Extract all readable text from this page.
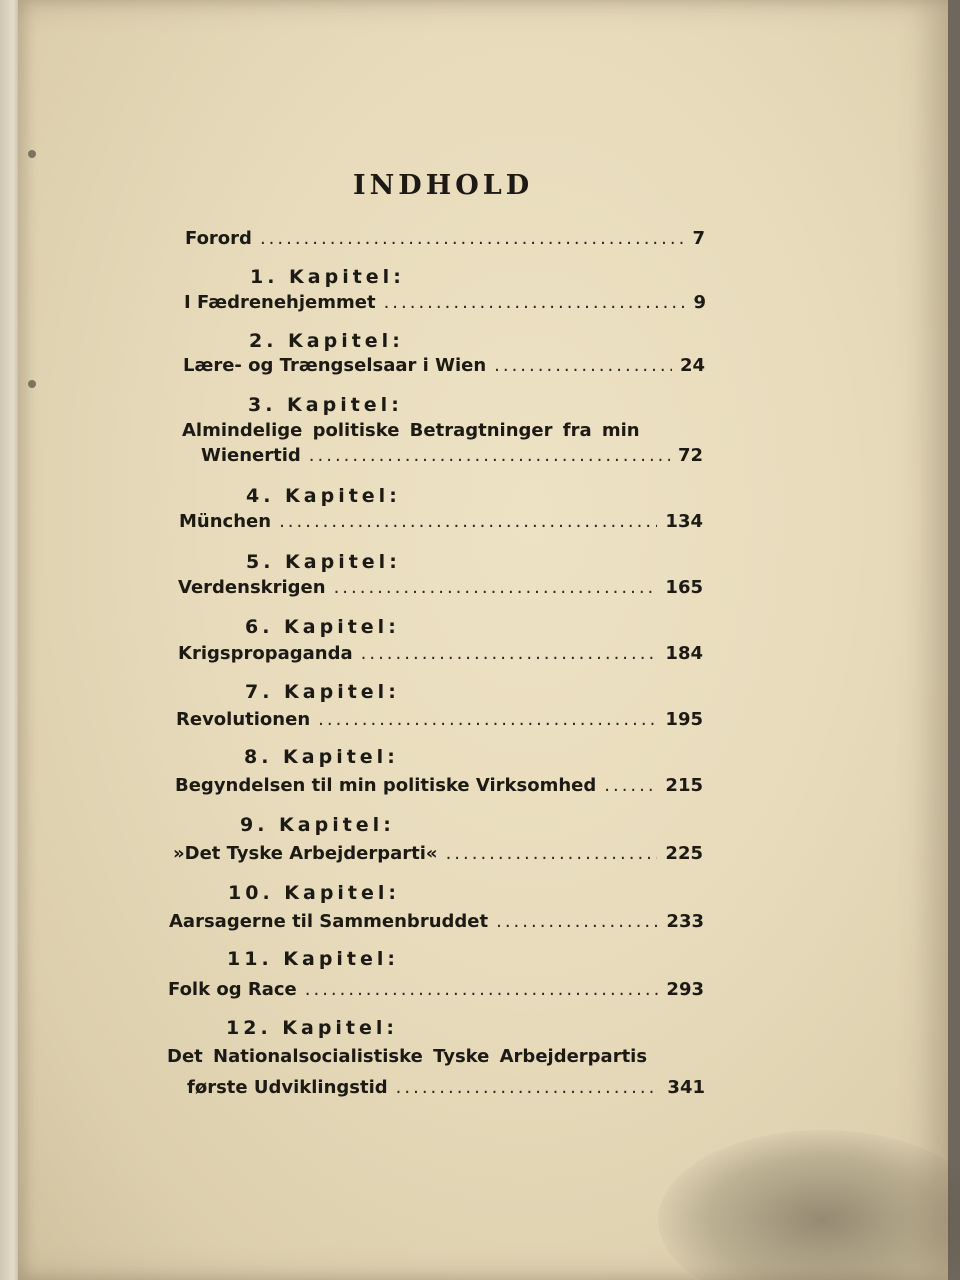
INDHOLD
Forord .....	7
1. Kapitel:
I Fædrenehjemmet .....	9
2. Kapitel:
Lære- og Trængselsaar i Wien .....	24
3. Kapitel:
Almindelige politiske Betragtninger fra min
Wienertid .....	72
4. Kapitel:
München .....	134
5. Kapitel:
Verdenskrigen .....	165
6. Kapitel:
Krigspropaganda .....	184
7. Kapitel:
Revolutionen .....	195
8. Kapitel:
Begyndelsen til min politiske Virksomhed .....	215
9. Kapitel:
»Det Tyske Arbejderparti« .....	225
10. Kapitel:
Aarsagerne til Sammenbruddet .....	233
11. Kapitel:
Folk og Race .....	293
12. Kapitel:
Det Nationalsocialistiske Tyske Arbejderpartis
første Udviklingstid .....	341
